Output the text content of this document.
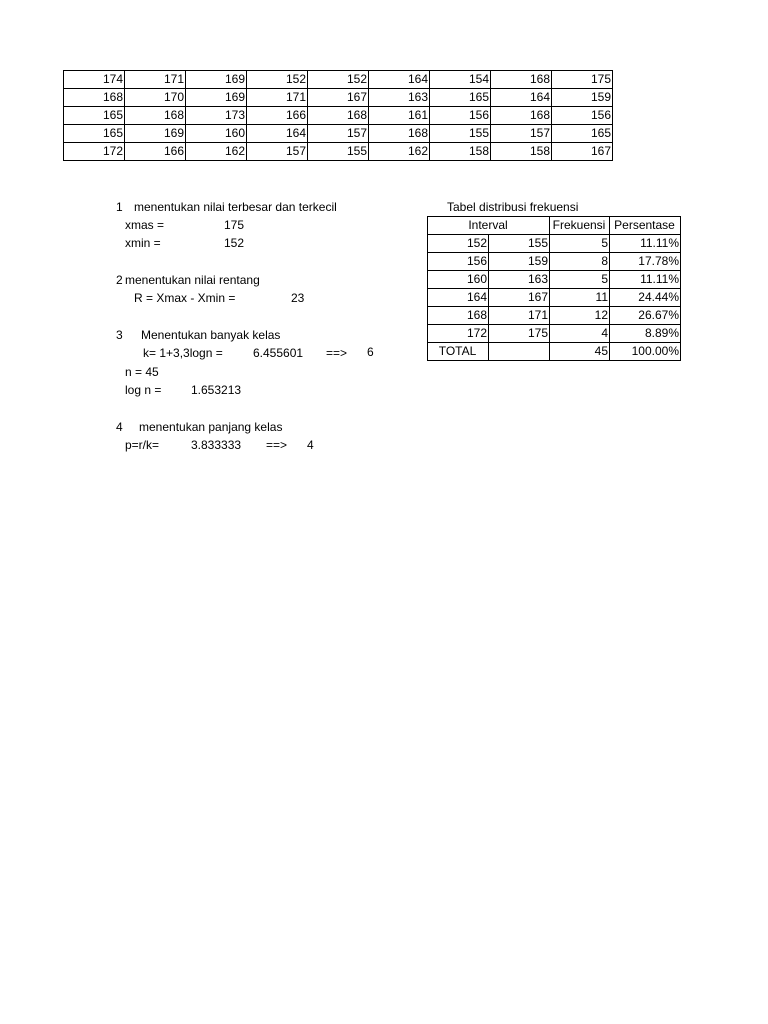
174	171	169	152	152	164	154	168	175
168	170	169	171	167	163	165	164	159
165	168	173	166	168	161	156	168	156
165	169	160	164	157	168	155	157	165
172	166	162	157	155	162	158	158	167
1 menentukan nilai terbesar dan terkecil
xmas =	175
xmin =	152
2 menentukan nilai rentang
R = Xmax - Xmin =	23
3 Menentukan banyak kelas
k= 1+3,3logn =	6.455601 ==> 6
n = 45
log n = 1.653213
4 menentukan panjang kelas
p=r/k=	3.833333 ==> 4
Tabel distribusi frekuensi
Interval		Frekuensi	Persentase
152	155	5	11.11%
156	159	8	17.78%
160	163	5	11.11%
164	167	11	24.44%
168	171	12	26.67%
172	175	4	8.89%
TOTAL		45	100.00%
